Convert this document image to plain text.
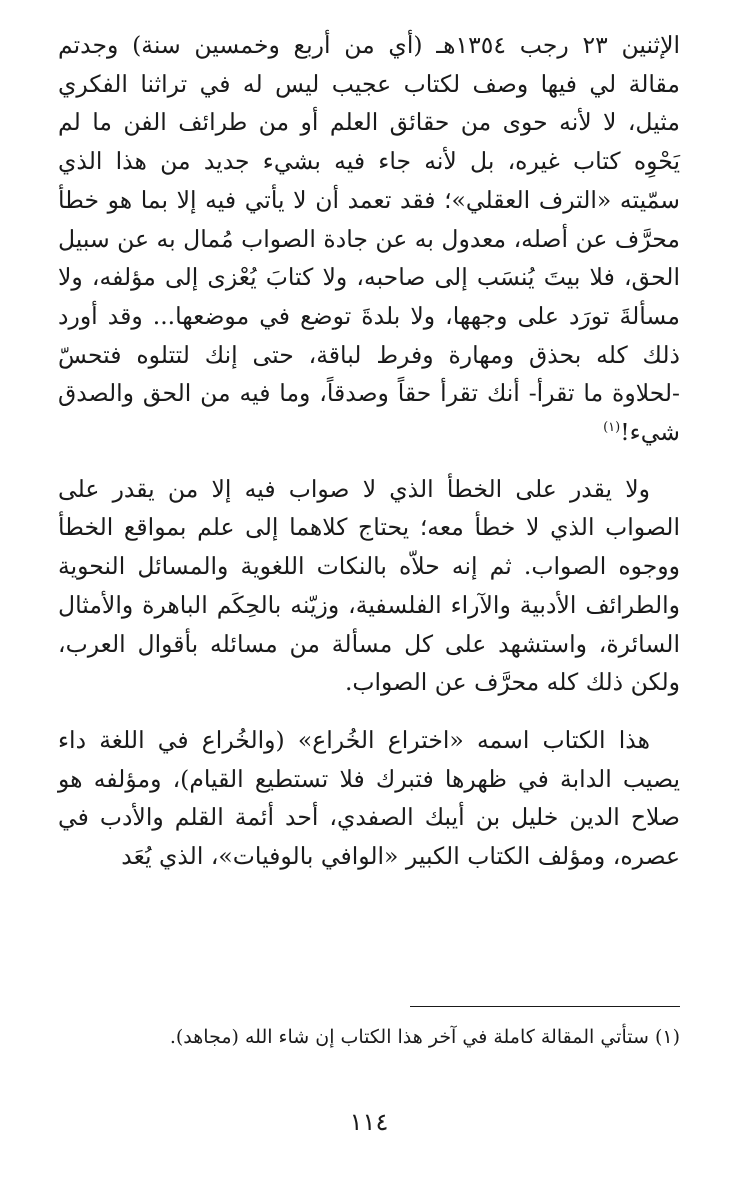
الإثنين ٢٣ رجب ١٣٥٤هـ (أي من أربع وخمسين سنة) وجدتم مقالة لي فيها وصف لكتاب عجيب ليس له في تراثنا الفكري مثيل، لا لأنه حوى من حقائق العلم أو من طرائف الفن ما لم يَحْوِه كتاب غيره، بل لأنه جاء فيه بشيء جديد من هذا الذي سمّيته «الترف العقلي»؛ فقد تعمد أن لا يأتي فيه إلا بما هو خطأ محرَّف عن أصله، معدول به عن جادة الصواب مُمال به عن سبيل الحق، فلا بيتَ يُنسَب إلى صاحبه، ولا كتابَ يُعْزى إلى مؤلفه، ولا مسألةَ تورَد على وجهها، ولا بلدةَ توضع في موضعها... وقد أورد ذلك كله بحذق ومهارة وفرط لباقة، حتى إنك لتتلوه فتحسّ -لحلاوة ما تقرأ- أنك تقرأ حقاً وصدقاً، وما فيه من الحق والصدق شيء!$^{(١)}$

ولا يقدر على الخطأ الذي لا صواب فيه إلا من يقدر على الصواب الذي لا خطأ معه؛ يحتاج كلاهما إلى علم بمواقع الخطأ ووجوه الصواب. ثم إنه حلاّه بالنكات اللغوية والمسائل النحوية والطرائف الأدبية والآراء الفلسفية، وزيّنه بالحِكَم الباهرة والأمثال السائرة، واستشهد على كل مسألة من مسائله بأقوال العرب، ولكن ذلك كله محرَّف عن الصواب.

هذا الكتاب اسمه «اختراع الخُراع» (والخُراع في اللغة داء يصيب الدابة في ظهرها فتبرك فلا تستطيع القيام)، ومؤلفه هو صلاح الدين خليل بن أيبك الصفدي، أحد أئمة القلم والأدب في عصره، ومؤلف الكتاب الكبير «الوافي بالوفيات»، الذي يُعَد

(١) ستأتي المقالة كاملة في آخر هذا الكتاب إن شاء الله (مجاهد).

١١٤
